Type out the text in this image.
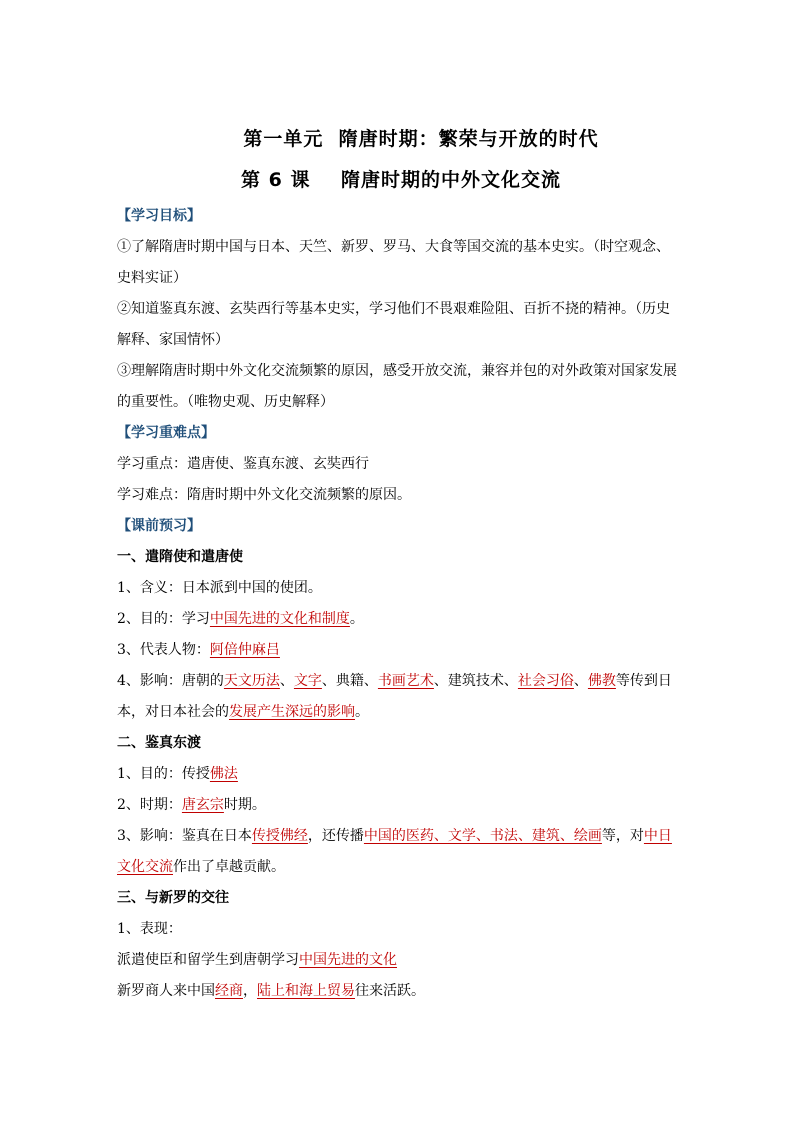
第一单元  隋唐时期：繁荣与开放的时代
第 6 课    隋唐时期的中外文化交流
【学习目标】
①了解隋唐时期中国与日本、天竺、新罗、罗马、大食等国交流的基本史实。（时空观念、
史料实证）
②知道鉴真东渡、玄奘西行等基本史实，学习他们不畏艰难险阻、百折不挠的精神。（历史
解释、家国情怀）
③理解隋唐时期中外文化交流频繁的原因，感受开放交流，兼容并包的对外政策对国家发展
的重要性。（唯物史观、历史解释）
【学习重难点】
学习重点：遣唐使、鉴真东渡、玄奘西行
学习难点：隋唐时期中外文化交流频繁的原因。
【课前预习】
一、遣隋使和遣唐使
1、含义：日本派到中国的使团。
2、目的：学习中国先进的文化和制度。
3、代表人物：阿倍仲麻吕
4、影响：唐朝的天文历法、文字、典籍、书画艺术、建筑技术、社会习俗、佛教等传到日
本，对日本社会的发展产生深远的影响。
二、鉴真东渡
1、目的：传授佛法
2、时期：唐玄宗时期。
3、影响：鉴真在日本传授佛经，还传播中国的医药、文学、书法、建筑、绘画等，对中日
文化交流作出了卓越贡献。
三、与新罗的交往
1、表现：
派遣使臣和留学生到唐朝学习中国先进的文化
新罗商人来中国经商，陆上和海上贸易往来活跃。
